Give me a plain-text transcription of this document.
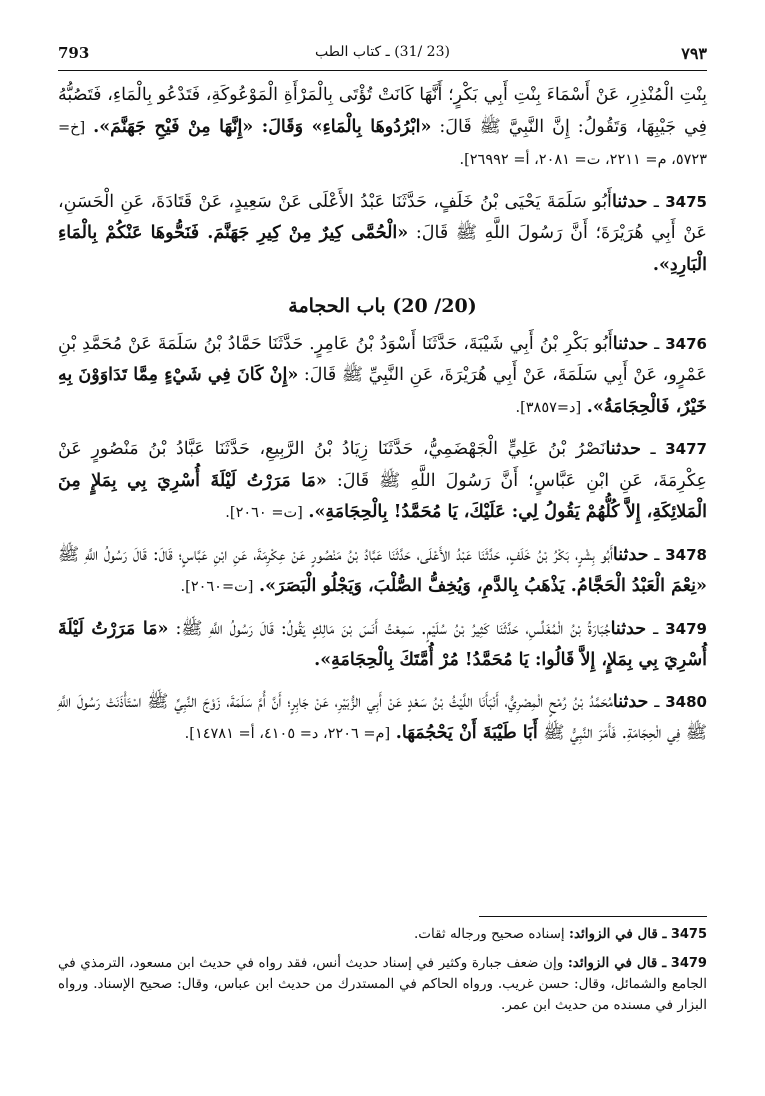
793	(23 /31) ـ كتاب الطب	٧٩٣

بِنْتِ الْمُنْذِرِ، عَنْ أَسْمَاءَ بِنْتِ أَبِي بَكْرٍ؛ أَنَّهَا كَانَتْ تُؤْتَى بِالْمَرْأَةِ الْمَوْعُوكَةِ، فَتَدْعُو بِالْمَاءِ، فَتَصُبُّهُ فِي جَيْبِهَا، وَتَقُولُ: إِنَّ النَّبِيَّ ﷺ قَالَ: «ابْرُدُوهَا بِالْمَاءِ» وَقَالَ: «إِنَّهَا مِنْ فَيْحِ جَهَنَّمَ». [خ= ٥٧٢٣، م= ٢٢١١، ت= ٢٠٨١، أ= ٢٦٩٩٢].

3475 ـ حدثناأَبُو سَلَمَةَ يَحْيَى بْنُ خَلَفٍ، حَدَّثَنَا عَبْدُ الأَعْلَى عَنْ سَعِيدٍ، عَنْ قَتَادَةَ، عَنِ الْحَسَنِ، عَنْ أَبِي هُرَيْرَةَ؛ أَنَّ رَسُولَ اللَّهِ ﷺ قَالَ: «الْحُمَّى كِيرٌ مِنْ كِيرِ جَهَنَّمَ. فَنَحُّوهَا عَنْكُمْ بِالْمَاءِ الْبَارِدِ».

(20/ 20) باب الحجامة

3476 ـ حدثناأَبُو بَكْرِ بْنُ أَبِي شَيْبَةَ، حَدَّثَنَا أَسْوَدُ بْنُ عَامِرٍ. حَدَّثَنَا حَمَّادُ بْنُ سَلَمَةَ عَنْ مُحَمَّدِ بْنِ عَمْرٍو، عَنْ أَبِي سَلَمَةَ، عَنْ أَبِي هُرَيْرَةَ، عَنِ النَّبِيِّ ﷺ قَالَ: «إِنْ كَانَ فِي شَيْءٍ مِمَّا تَدَاوَوْنَ بِهِ خَيْرٌ، فَالْحِجَامَةُ». [د=٣٨٥٧].

3477 ـ حدثنانَصْرُ بْنُ عَلِيٍّ الْجَهْضَمِيُّ، حَدَّثَنَا زِيَادُ بْنُ الرَّبِيعِ، حَدَّثَنَا عَبَّادُ بْنُ مَنْصُورٍ عَنْ عِكْرِمَةَ، عَنِ ابْنِ عَبَّاسٍ؛ أَنَّ رَسُولَ اللَّهِ ﷺ قَالَ: «مَا مَرَرْتُ لَيْلَةَ أُسْرِيَ بِي بِمَلإٍ مِنَ الْمَلائِكَةِ، إِلاَّ كُلُّهُمْ يَقُولُ لِي: عَلَيْكَ، يَا مُحَمَّدُ! بِالْحِجَامَةِ». [ت= ٢٠٦٠].

3478 ـ حدثناأَبُو بِشْرٍ، بَكْرُ بْنُ خَلَفٍ، حَدَّثَنَا عَبْدُ الأَعْلَى، حَدَّثَنَا عَبَّادُ بْنُ مَنْصُورٍ عَنْ عِكْرِمَةَ، عَنِ ابْنِ عَبَّاسٍ؛ قَالَ: قَالَ رَسُولُ اللَّهِ ﷺ «نِعْمَ الْعَبْدُ الْحَجَّامُ. يَذْهَبُ بِالدَّمِ، وَيُخِفُّ الصُّلْبَ، وَيَجْلُو الْبَصَرَ». [ت=٢٠٦٠].

3479 ـ حدثناجُبَارَةُ بْنُ الْمُغَلِّسِ، حَدَّثَنَا كَثِيرُ بْنُ سُلَيْمٍ. سَمِعْتُ أَنَسَ بْنَ مَالِكٍ يَقُولُ: قَالَ رَسُولُ اللَّهِ ﷺ: «مَا مَرَرْتُ لَيْلَةَ أُسْرِيَ بِي بِمَلإٍ، إِلاَّ قَالُوا: يَا مُحَمَّدُ! مُرْ أُمَّتَكَ بِالْحِجَامَةِ».

3480 ـ حدثنامُحَمَّدُ بْنُ رُمْحٍ الْمِصْرِيُّ، أَنْبَأَنَا اللَّيْثُ بْنُ سَعْدٍ عَنْ أَبِي الزُّبَيْرِ، عَنْ جَابِرٍ؛ أَنَّ أُمَّ سَلَمَةَ، زَوْجَ النَّبِيِّ ﷺ اسْتَأْذَنَتْ رَسُولَ اللَّهِ ﷺ فِي الْحِجَامَةِ. فَأَمَرَ النَّبِيُّ ﷺ أَبَا طَيْبَةَ أَنْ يَحْجُمَهَا. [م= ٢٢٠٦، د= ٤١٠٥، أ= ١٤٧٨١].

3475 ـ قال في الزوائد: إسناده صحيح ورجاله ثقات.

3479 ـ قال في الزوائد: وإن ضعف جبارة وكثير في إسناد حديث أنس، فقد رواه في حديث ابن مسعود، الترمذي في الجامع والشمائل، وقال: حسن غريب. ورواه الحاكم في المستدرك من حديث ابن عباس، وقال: صحيح الإسناد. ورواه البزار في مسنده من حديث ابن عمر.
